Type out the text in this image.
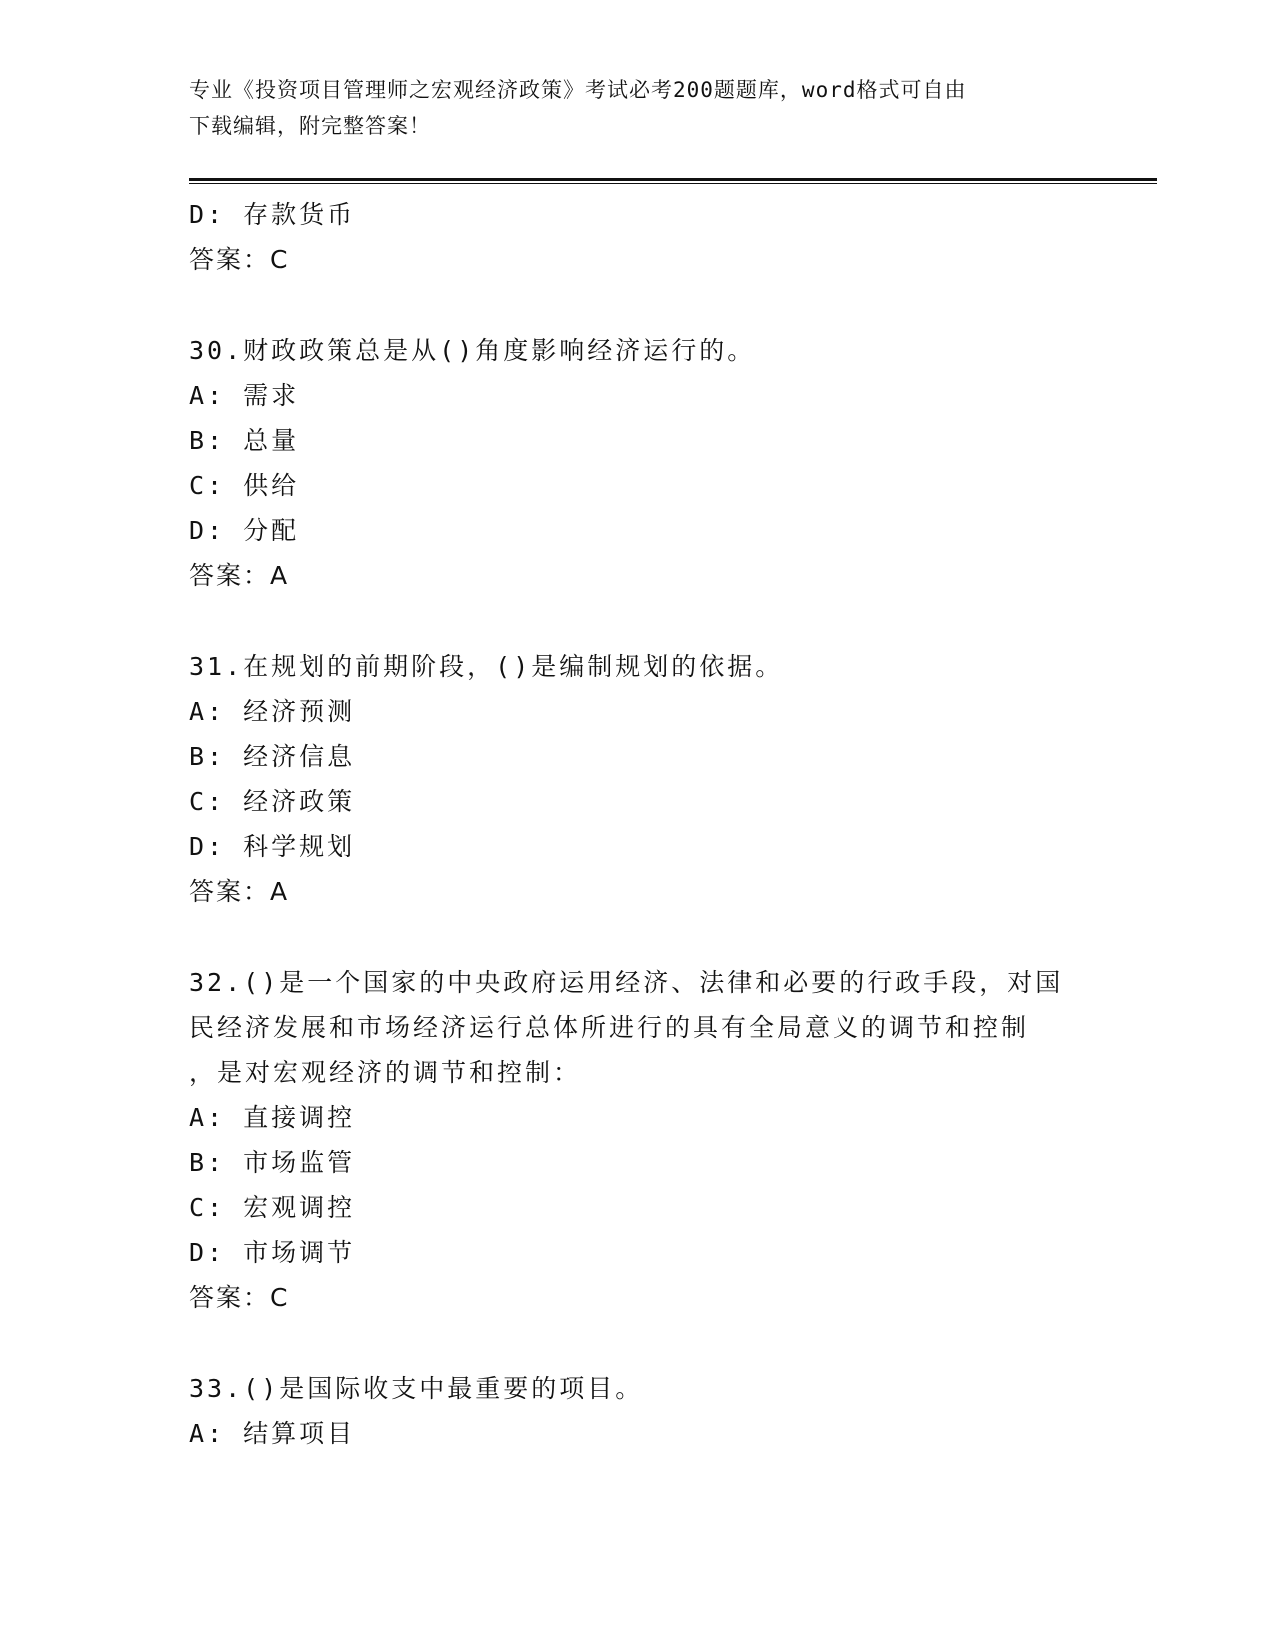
专业《投资项目管理师之宏观经济政策》考试必考200题题库，word格式可自由
下载编辑，附完整答案！
D: 存款货币
答案：C
30.财政政策总是从()角度影响经济运行的。
A: 需求
B: 总量
C: 供给
D: 分配
答案：A
31.在规划的前期阶段，()是编制规划的依据。
A: 经济预测
B: 经济信息
C: 经济政策
D: 科学规划
答案：A
32.()是一个国家的中央政府运用经济、法律和必要的行政手段，对国
民经济发展和市场经济运行总体所进行的具有全局意义的调节和控制
，是对宏观经济的调节和控制：
A: 直接调控
B: 市场监管
C: 宏观调控
D: 市场调节
答案：C
33.()是国际收支中最重要的项目。
A: 结算项目
